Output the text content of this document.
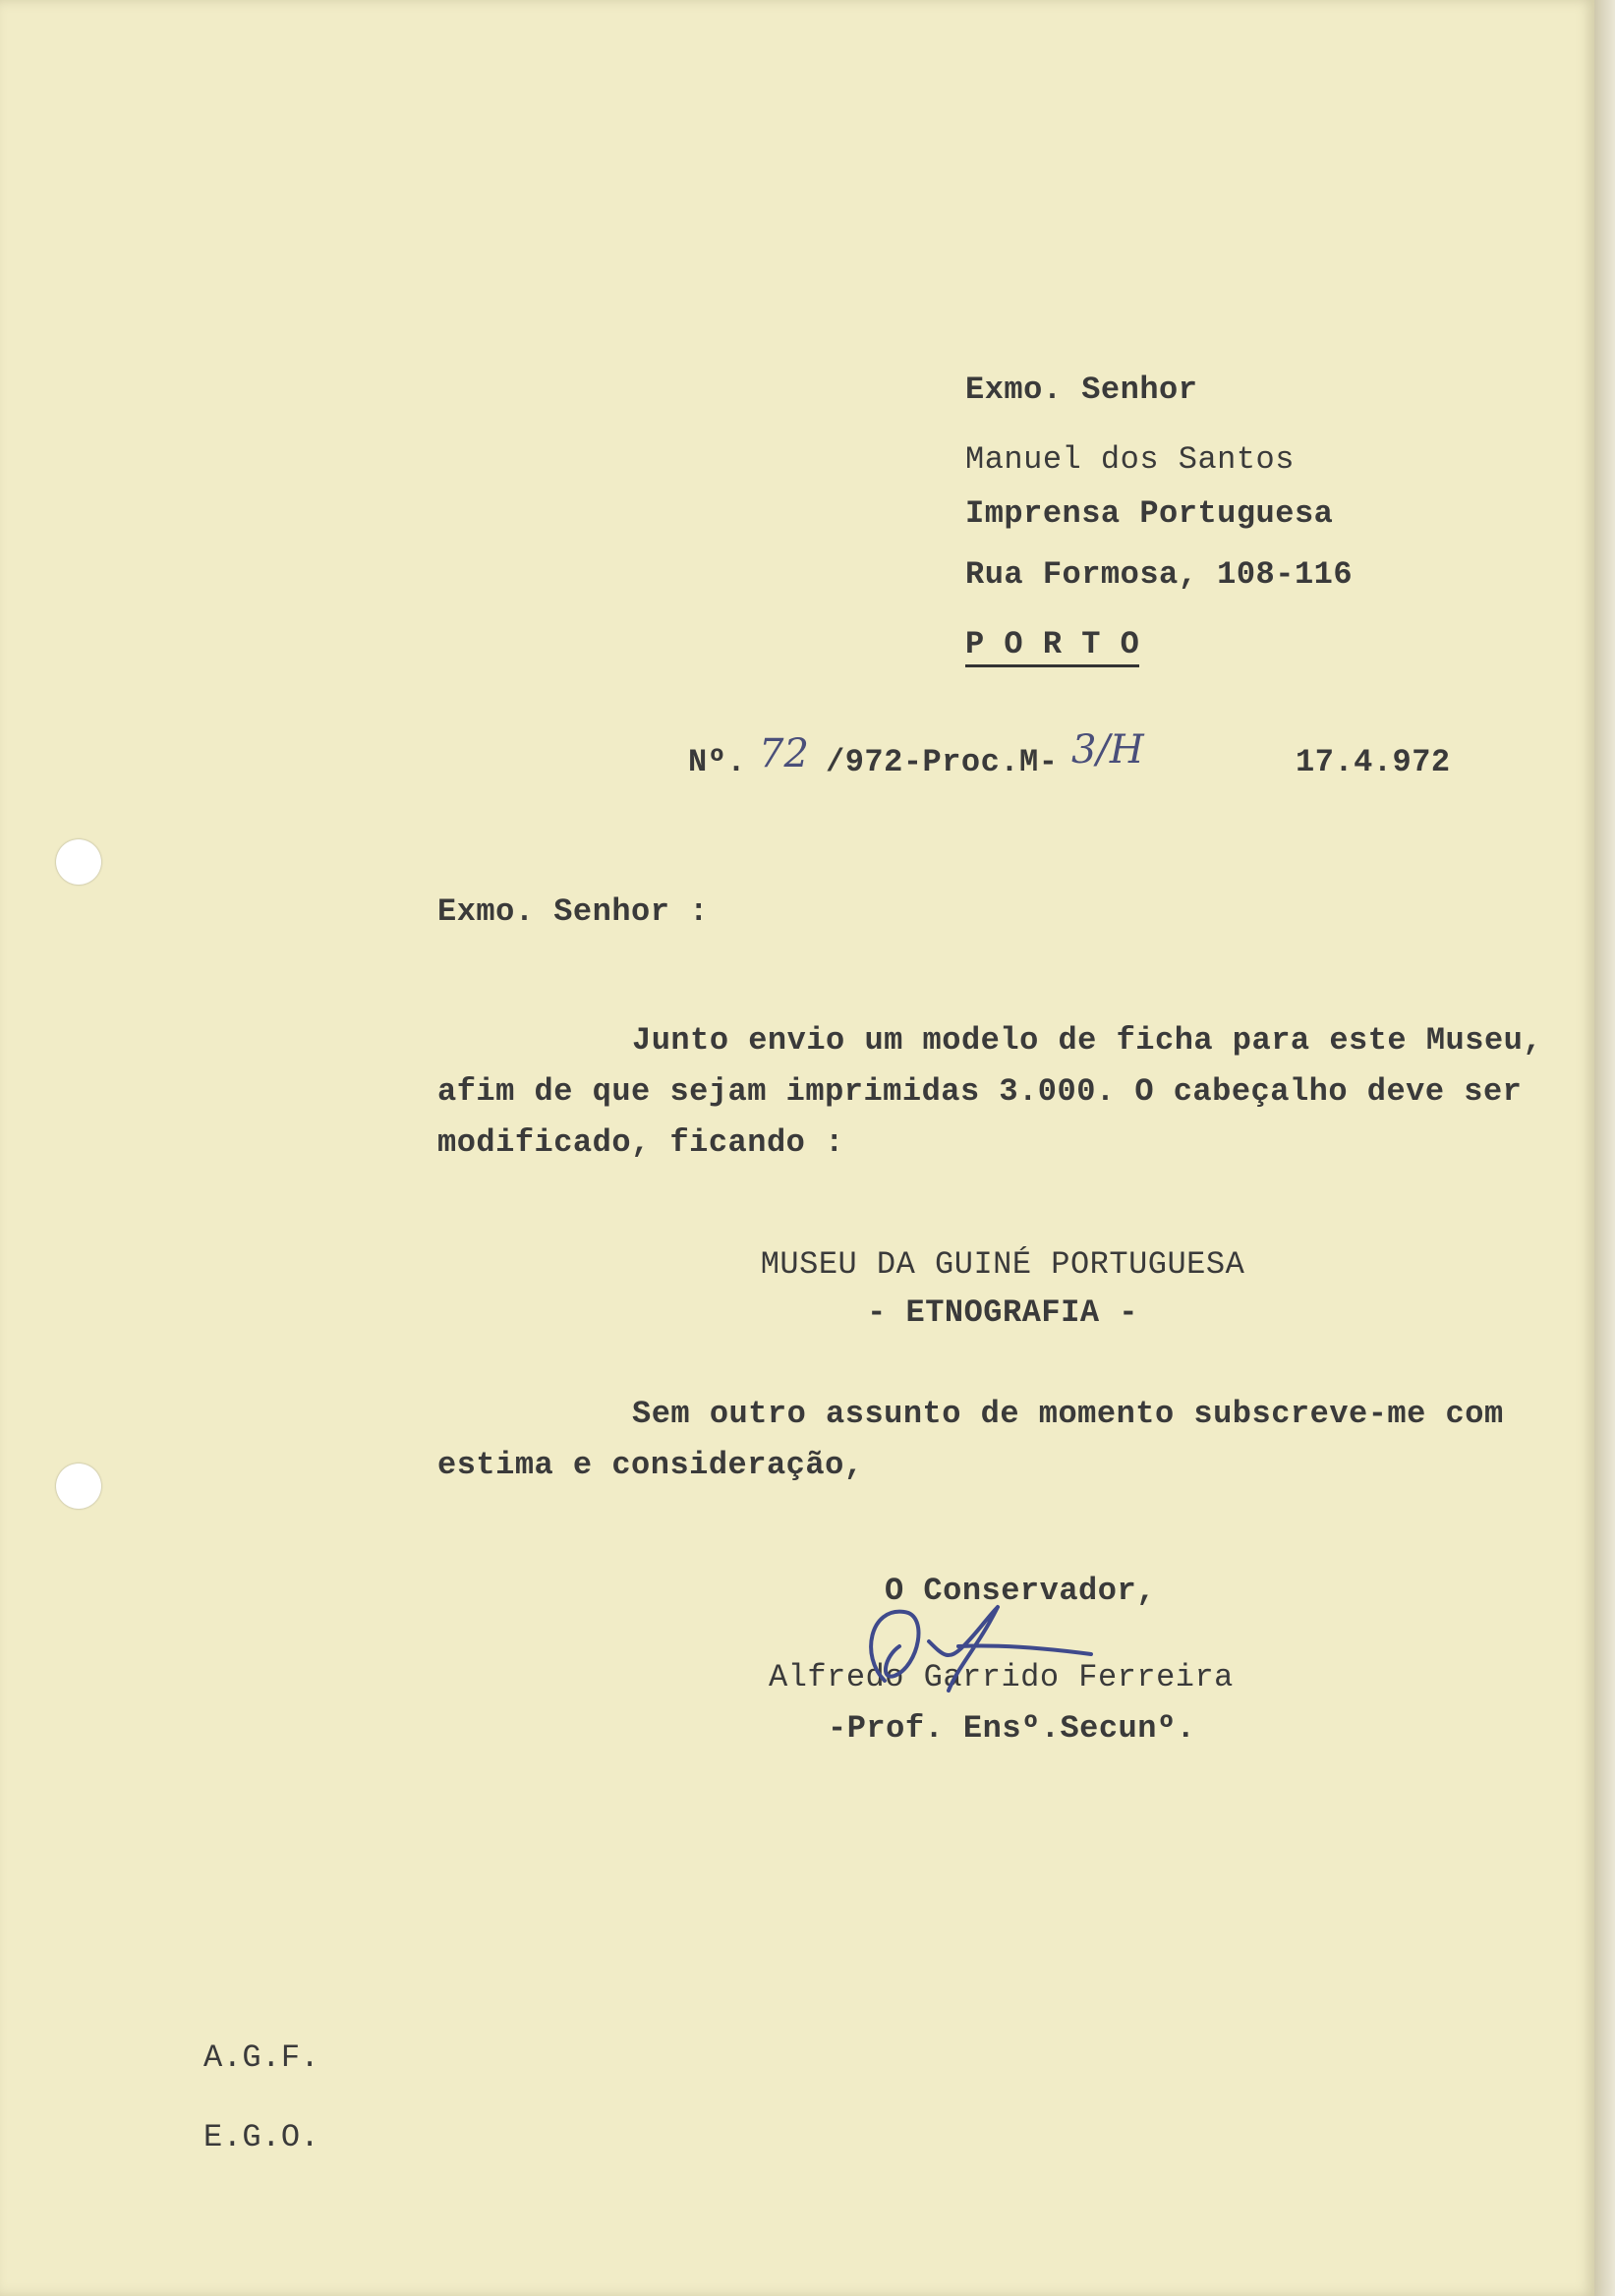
Exmo. Senhor
Manuel dos Santos
Imprensa Portuguesa
Rua Formosa, 108-116
P O R T O
Nº. 72 /972-Proc.M- 3/H	17.4.972
Exmo. Senhor :
Junto envio um modelo de ficha para este Museu,
afim de que sejam imprimidas 3.000. O cabeçalho deve ser
modificado, ficando :
MUSEU DA GUINÉ PORTUGUESA
- ETNOGRAFIA -
Sem outro assunto de momento subscreve-me com
estima e consideração,
O Conservador,
Alfredo Garrido Ferreira
-Prof. Ensº.Secunº.
A.G.F.
E.G.O.
